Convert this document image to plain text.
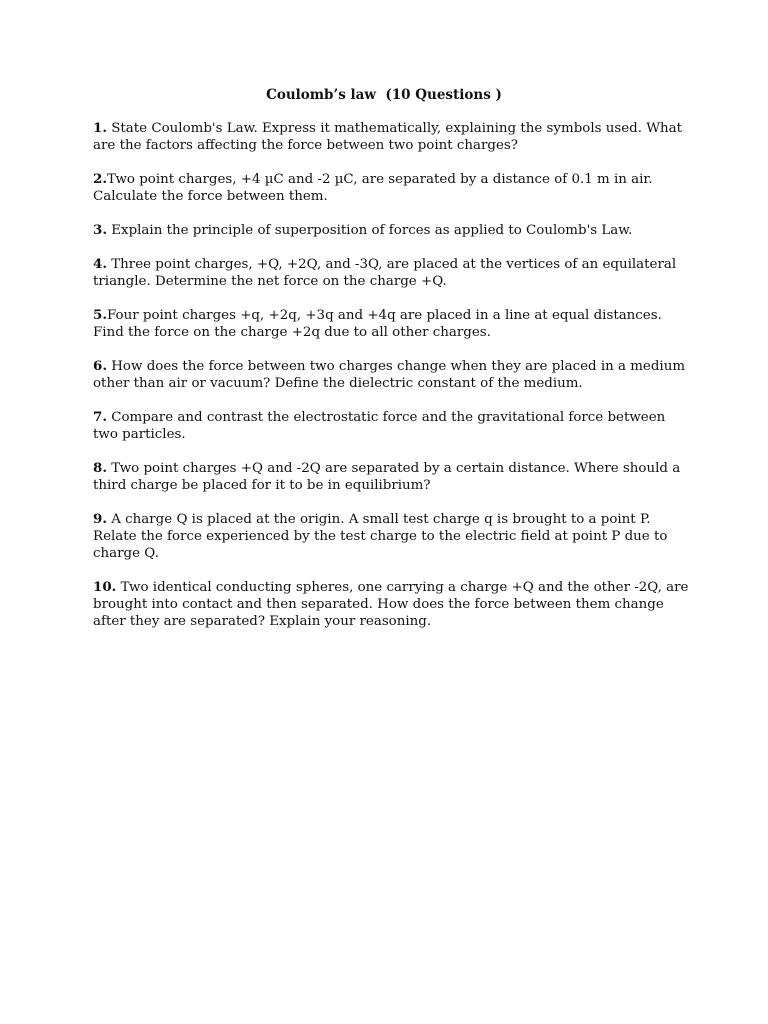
Coulomb’s law  (10 Questions )
1. State Coulomb's Law. Express it mathematically, explaining the symbols used. What are the factors affecting the force between two point charges?
2.Two point charges, +4 µC and -2 µC, are separated by a distance of 0.1 m in air. Calculate the force between them.
3. Explain the principle of superposition of forces as applied to Coulomb's Law.
4. Three point charges, +Q, +2Q, and -3Q, are placed at the vertices of an equilateral triangle. Determine the net force on the charge +Q.
5.Four point charges +q, +2q, +3q and +4q are placed in a line at equal distances. Find the force on the charge +2q due to all other charges.
6. How does the force between two charges change when they are placed in a medium other than air or vacuum? Define the dielectric constant of the medium.
7. Compare and contrast the electrostatic force and the gravitational force between two particles.
8. Two point charges +Q and -2Q are separated by a certain distance. Where should a third charge be placed for it to be in equilibrium?
9. A charge Q is placed at the origin. A small test charge q is brought to a point P. Relate the force experienced by the test charge to the electric field at point P due to charge Q.
10. Two identical conducting spheres, one carrying a charge +Q and the other -2Q, are brought into contact and then separated. How does the force between them change after they are separated? Explain your reasoning.
